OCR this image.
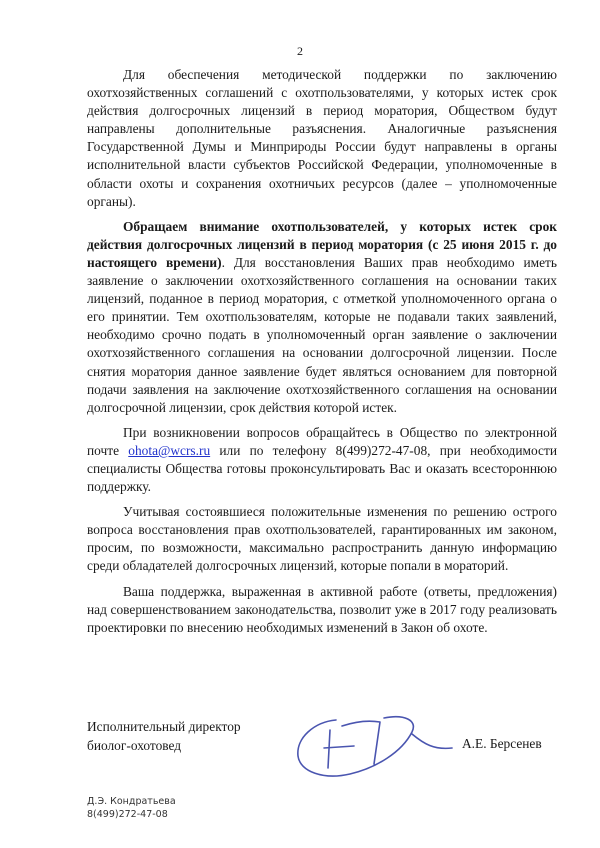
2

Для обеспечения методической поддержки по заключению охотхозяйственных соглашений с охотпользователями, у которых истек срок действия долгосрочных лицензий в период моратория, Обществом будут направлены дополнительные разъяснения. Аналогичные разъяснения Государственной Думы и Минприроды России будут направлены в органы исполнительной власти субъектов Российской Федерации, уполномоченные в области охоты и сохранения охотничьих ресурсов (далее – уполномоченные органы).

Обращаем внимание охотпользователей, у которых истек срок действия долгосрочных лицензий в период моратория (с 25 июня 2015 г. до настоящего времени). Для восстановления Ваших прав необходимо иметь заявление о заключении охотхозяйственного соглашения на основании таких лицензий, поданное в период моратория, с отметкой уполномоченного органа о его принятии. Тем охотпользователям, которые не подавали таких заявлений, необходимо срочно подать в уполномоченный орган заявление о заключении охотхозяйственного соглашения на основании долгосрочной лицензии. После снятия моратория данное заявление будет являться основанием для повторной подачи заявления на заключение охотхозяйственного соглашения на основании долгосрочной лицензии, срок действия которой истек.

При возникновении вопросов обращайтесь в Общество по электронной почте ohota@wcrs.ru или по телефону 8(499)272-47-08, при необходимости специалисты Общества готовы проконсультировать Вас и оказать всестороннюю поддержку.

Учитывая состоявшиеся положительные изменения по решению острого вопроса восстановления прав охотпользователей, гарантированных им законом, просим, по возможности, максимально распространить данную информацию среди обладателей долгосрочных лицензий, которые попали в мораторий.

Ваша поддержка, выраженная в активной работе (ответы, предложения) над совершенствованием законодательства, позволит уже в 2017 году реализовать проектировки по внесению необходимых изменений в Закон об охоте.

Исполнительный директор
биолог-охотовед	А.Е. Берсенев
Д.Э. Кондратьева
8(499)272-47-08
